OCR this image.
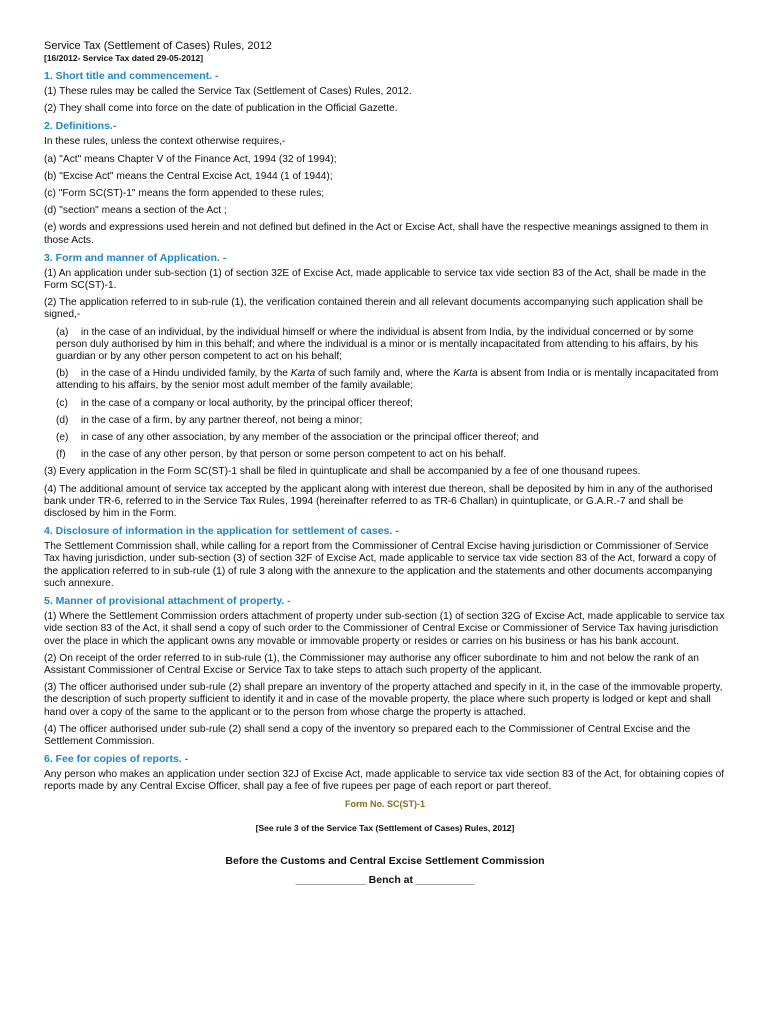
Service Tax (Settlement of Cases) Rules, 2012

[16/2012- Service Tax dated 29-05-2012]

1. Short title and commencement. -

(1) These rules may be called the Service Tax (Settlement of Cases) Rules, 2012.

(2) They shall come into force on the date of publication in the Official Gazette.

2. Definitions.-

In these rules, unless the context otherwise requires,-

(a) "Act" means Chapter V of the Finance Act, 1994 (32 of 1994);

(b) "Excise Act" means the Central Excise Act, 1944 (1 of 1944);

(c) "Form SC(ST)-1" means the form appended to these rules;

(d) "section" means a section of the Act ;

(e) words and expressions used herein and not defined but defined in the Act or Excise Act, shall have the respective meanings assigned to them in those Acts.

3. Form and manner of Application. -

(1) An application under sub-section (1) of section 32E of Excise Act, made applicable to service tax vide section 83 of the Act, shall be made in the Form SC(ST)-1.

(2) The application referred to in sub-rule (1), the verification contained therein and all relevant documents accompanying such application shall be signed,-

(a) in the case of an individual, by the individual himself or where the individual is absent from India, by the individual concerned or by some person duly authorised by him in this behalf; and where the individual is a minor or is mentally incapacitated from attending to his affairs, by his guardian or by any other person competent to act on his behalf;

(b) in the case of a Hindu undivided family, by the Karta of such family and, where the Karta is absent from India or is mentally incapacitated from attending to his affairs, by the senior most adult member of the family available;

(c) in the case of a company or local authority, by the principal officer thereof;

(d) in the case of a firm, by any partner thereof, not being a minor;

(e) in case of any other association, by any member of the association or the principal officer thereof; and

(f) in the case of any other person, by that person or some person competent to act on his behalf.

(3) Every application in the Form SC(ST)-1 shall be filed in quintuplicate and shall be accompanied by a fee of one thousand rupees.

(4) The additional amount of service tax accepted by the applicant along with interest due thereon, shall be deposited by him in any of the authorised bank under TR-6, referred to in the Service Tax Rules, 1994 (hereinafter referred to as TR-6 Challan) in quintuplicate, or G.A.R.-7 and shall be disclosed by him in the Form.

4. Disclosure of information in the application for settlement of cases. -

The Settlement Commission shall, while calling for a report from the Commissioner of Central Excise having jurisdiction or Commissioner of Service Tax having jurisdiction, under sub-section (3) of section 32F of Excise Act, made applicable to service tax vide section 83 of the Act, forward a copy of the application referred to in sub-rule (1) of rule 3 along with the annexure to the application and the statements and other documents accompanying such annexure.

5. Manner of provisional attachment of property. -

(1) Where the Settlement Commission orders attachment of property under sub-section (1) of section 32G of Excise Act, made applicable to service tax vide section 83 of the Act, it shall send a copy of such order to the Commissioner of Central Excise or Commissioner of Service Tax having jurisdiction over the place in which the applicant owns any movable or immovable property or resides or carries on his business or has his bank account.

(2) On receipt of the order referred to in sub-rule (1), the Commissioner may authorise any officer subordinate to him and not below the rank of an Assistant Commissioner of Central Excise or Service Tax to take steps to attach such property of the applicant.

(3) The officer authorised under sub-rule (2) shall prepare an inventory of the property attached and specify in it, in the case of the immovable property, the description of such property sufficient to identify it and in case of the movable property, the place where such property is lodged or kept and shall hand over a copy of the same to the applicant or to the person from whose charge the property is attached.

(4) The officer authorised under sub-rule (2) shall send a copy of the inventory so prepared each to the Commissioner of Central Excise and the Settlement Commission.

6. Fee for copies of reports. -

Any person who makes an application under section 32J of Excise Act, made applicable to service tax vide section 83 of the Act, for obtaining copies of reports made by any Central Excise Officer, shall pay a fee of five rupees per page of each report or part thereof.

Form No. SC(ST)-1

[See rule 3 of the Service Tax (Settlement of Cases) Rules, 2012]

Before the Customs and Central Excise Settlement Commission

____________ Bench at __________
